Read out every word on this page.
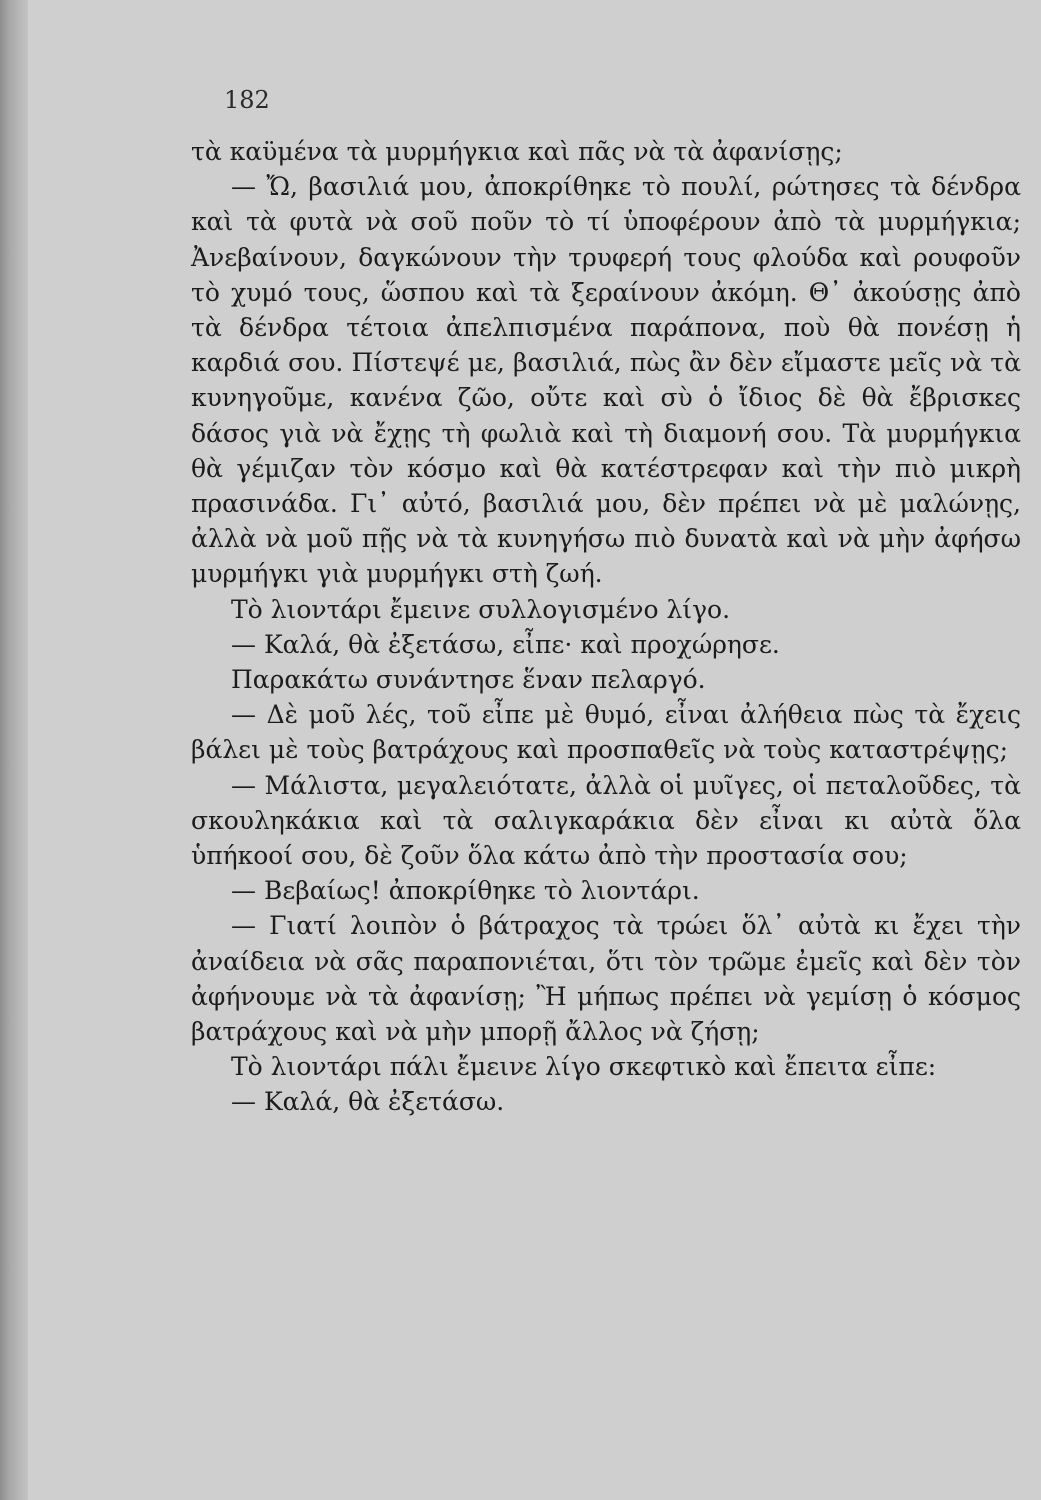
182

τὰ καϋμένα τὰ μυρμήγκια καὶ πᾶς νὰ τὰ ἀφανίσῃς;

— Ὤ, βασιλιά μου, ἀποκρίθηκε τὸ πουλί, ρώτησες τὰ δένδρα καὶ τὰ φυτὰ νὰ σοῦ ποῦν τὸ τί ὑποφέρουν ἀπὸ τὰ μυρμήγκια; Ἀνεβαίνουν, δαγκώνουν τὴν τρυφερή τους φλούδα καὶ ρουφοῦν τὸ χυμό τους, ὥσπου καὶ τὰ ξεραίνουν ἀκόμη. Θ᾿ ἀκούσῃς ἀπὸ τὰ δένδρα τέτοια ἀπελπισμένα παράπονα, ποὺ θὰ πονέσῃ ἡ καρδιά σου. Πίστεψέ με, βασιλιά, πὼς ἂν δὲν εἴμαστε μεῖς νὰ τὰ κυνηγοῦμε, κανένα ζῶο, οὔτε καὶ σὺ ὁ ἴδιος δὲ θὰ ἔβρισκες δάσος γιὰ νὰ ἔχῃς τὴ φωλιὰ καὶ τὴ διαμονή σου. Τὰ μυρμήγκια θὰ γέμιζαν τὸν κόσμο καὶ θὰ κατέστρεφαν καὶ τὴν πιὸ μικρὴ πρασινάδα. Γι᾿ αὐτό, βασιλιά μου, δὲν πρέπει νὰ μὲ μαλώνῃς, ἀλλὰ νὰ μοῦ πῇς νὰ τὰ κυνηγήσω πιὸ δυνατὰ καὶ νὰ μὴν ἀφήσω μυρμήγκι γιὰ μυρμήγκι στὴ ζωή.

Τὸ λιοντάρι ἔμεινε συλλογισμένο λίγο.

— Καλά, θὰ ἐξετάσω, εἶπε· καὶ προχώρησε.

Παρακάτω συνάντησε ἕναν πελαργό.

— Δὲ μοῦ λές, τοῦ εἶπε μὲ θυμό, εἶναι ἀλήθεια πὼς τὰ ἔχεις βάλει μὲ τοὺς βατράχους καὶ προσπαθεῖς νὰ τοὺς καταστρέψῃς;

— Μάλιστα, μεγαλειότατε, ἀλλὰ οἱ μυῖγες, οἱ πεταλοῦδες, τὰ σκουληκάκια καὶ τὰ σαλιγκαράκια δὲν εἶναι κι αὐτὰ ὅλα ὑπήκοοί σου, δὲ ζοῦν ὅλα κάτω ἀπὸ τὴν προστασία σου;

— Βεβαίως! ἀποκρίθηκε τὸ λιοντάρι.

— Γιατί λοιπὸν ὁ βάτραχος τὰ τρώει ὅλ᾿ αὐτὰ κι ἔχει τὴν ἀναίδεια νὰ σᾶς παραπονιέται, ὅτι τὸν τρῶμε ἐμεῖς καὶ δὲν τὸν ἀφήνουμε νὰ τὰ ἀφανίσῃ; Ἢ μήπως πρέπει νὰ γεμίσῃ ὁ κόσμος βατράχους καὶ νὰ μὴν μπορῇ ἄλλος νὰ ζήσῃ;

Τὸ λιοντάρι πάλι ἔμεινε λίγο σκεφτικὸ καὶ ἔπειτα εἶπε:

— Καλά, θὰ ἐξετάσω.
